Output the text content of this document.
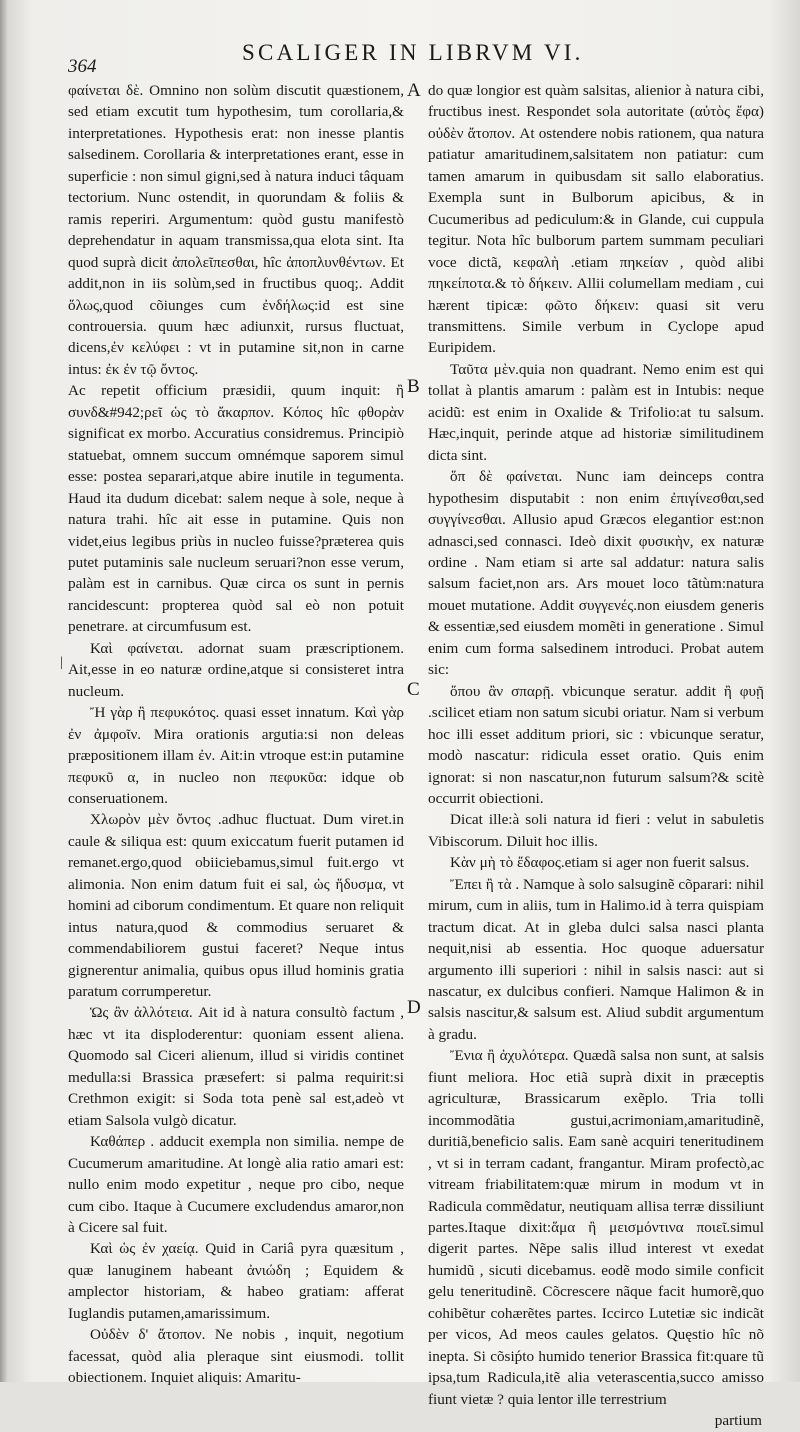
364
SCALIGER IN LIBRVM VI.
|

φαίνεται δὲ. Omnino non solùm discutit quæstionem, sed etiam excutit tum hypothesim, tum corollaria,& interpretationes. Hypothesis erat: non inesse plantis salsedinem. Corollaria & interpretationes erant, esse in superficie : non simul gigni,sed à natura induci tâquam tectorium. Nunc ostendit, in quorundam & foliis & ramis reperiri. Argumentum: quòd gustu manifestò deprehendatur in aquam transmissa,qua elota sint. Ita quod suprà dicit ἀπολεῖπεσθαι, hîc ἀποπλυνθέντων. Et addit,non in iis solùm,sed in fructibus quoq;. Addit ὅλως,quod cõiunges cum ἐνδήλως:id est sine controuersia. quum hæc adiunxit, rursus fluctuat, dicens,ἐν κελύφει : vt in putamine sit,non in carne intus: ἐκ ἐν τῷ ὄντος.

Ac repetit officium præsidii, quum inquit: ἢ συνδ&#942;ρεῖ ὡς τὸ ἄκαρπον. Κόπος hîc φθορὰν significat ex morbo. Accuratius considremus. Principiò statuebat, omnem succum omnémque saporem simul esse: postea separari,atque abire inutile in tegumenta. Haud ita dudum dicebat: salem neque à sole, neque à natura trahi. hîc ait esse in putamine. Quis non videt,eius legibus priùs in nucleo fuisse?præterea quis putet putaminis sale nucleum seruari?non esse verum, palàm est in carnibus. Quæ circa os sunt in pernis rancidescunt: propterea quòd sal eò non potuit penetrare. at circumfusum est.

Καὶ φαίνεται. adornat suam præscriptionem. Ait,esse in eo naturæ ordine,atque si consisteret intra nucleum.

Ἤ γὰρ ἢ πεφυκότος. quasi esset innatum. Καὶ γὰρ ἐν ἀμφοῖν. Mira orationis argutia:si non deleas præpositionem illam ἐν. Ait:in vtroque est:in putamine πεφυκῦ α, in nucleo non πεφυκῦα: idque ob conseruationem.

Χλωρὸν μὲν ὄντος .adhuc fluctuat. Dum viret.in caule & siliqua est: quum exiccatum fuerit putamen id remanet.ergo,quod obiiciebamus,simul fuit.ergo vt alimonia. Non enim datum fuit ei sal, ὡς ἥδυσμα, vt homini ad ciborum condimentum. Et quare non reliquit intus natura,quod & commodius seruaret & commendabiliorem gustui faceret? Neque intus gignerentur animalia, quibus opus illud hominis gratia paratum corrumperetur.

Ὡς ἂν ἀλλότεια. Ait id à natura consultò factum , hæc vt ita disploderentur: quoniam essent aliena. Quomodo sal Ciceri alienum, illud si viridis continet medulla:si Brassica præsefert: si palma requirit:si Crethmon exigit: si Soda tota penè sal est,adeò vt etiam Salsola vulgò dicatur.

Καθάπερ . adducit exempla non similia. nempe de Cucumerum amaritudine. At longè alia ratio amari est: nullo enim modo expetitur , neque pro cibo, neque cum cibo. Itaque à Cucumere excludendus amaror,non à Cicere sal fuit.

Καὶ ὡς ἐν χαείᾳ. Quid in Cariâ pyra quæsitum , quæ lanuginem habeant ἀνιώδη ; Equidem & amplector historiam, & habeo gratiam: afferat Iuglandis putamen,amarissimum.

Οὐδὲν δ' ἄτοπον. Ne nobis , inquit, negotium facessat, quòd alia pleraque sint eiusmodi. tollit obiectionem. Inquiet aliquis: Amaritu-

A
B
C
D

do quæ longior est quàm salsitas, alienior à natura cibi, fructibus inest. Respondet sola autoritate (αὐτὸς ἔφα) οὐδὲν ἄτοπον. At ostendere nobis rationem, qua natura patiatur amaritudinem,salsitatem non patiatur: cum tamen amarum in quibusdam sit sallo elaboratius. Exempla sunt in Bulborum apicibus, & in Cucumeribus ad pediculum:& in Glande, cui cuppula tegitur. Nota hîc bulborum partem summam peculiari voce dictã, κεφαλὴ .etiam πηκείαν , quòd alibi πηκείποτα.& τὸ δήκειν. Allii columellam mediam , cui hærent tipicæ: φῶτο δήκειν: quasi sit veru transmittens. Simile verbum in Cyclope apud Euripidem.

Ταῦτα μὲν.quia non quadrant. Nemo enim est qui tollat à plantis amarum : palàm est in Intubis: neque acidũ: est enim in Oxalide & Trifolio:at tu salsum. Hæc,inquit, perinde atque ad historiæ similitudinem dicta sint.

ὅπ δὲ φαίνεται. Nunc iam deinceps contra hypothesim disputabit : non enim ἐπιγίνεσθαι,sed συγγίνεσθαι. Allusio apud Græcos elegantior est:non adnasci,sed connasci. Ideò dixit φυσικὴν, ex naturæ ordine . Nam etiam si arte sal addatur: natura salis salsum faciet,non ars. Ars mouet loco tãtùm:natura mouet mutatione. Addit συγγενές.non eiusdem generis & essentiæ,sed eiusdem momẽti in generatione . Simul enim cum forma salsedinem introduci. Probat autem sic:

ὅπου ἂν σπαρῇ. vbicunque seratur. addit ἢ φυῇ .scilicet etiam non satum sicubi oriatur. Nam si verbum hoc illi esset additum priori, sic : vbicunque seratur, modò nascatur: ridicula esset oratio. Quis enim ignorat: si non nascatur,non futurum salsum?& scitè occurrit obiectioni.

Dicat ille:à soli natura id fieri : velut in sabuletis Vibiscorum. Diluit hoc illis.

Κὰν μὴ τὸ ἔδαφος.etiam si ager non fuerit salsus.

Ἔπει ἢ τὰ . Namque à solo salsuginẽ cõparari: nihil mirum, cum in aliis, tum in Halimo.id à terra quispiam tractum dicat. At in gleba dulci salsa nasci planta nequit,nisi ab essentia. Hoc quoque aduersatur argumento illi superiori : nihil in salsis nasci: aut si nascatur, ex dulcibus confieri. Namque Halimon & in salsis nascitur,& salsum est. Aliud subdit argumentum à gradu.

Ἔνια ἢ ἀχυλότερα. Quædã salsa non sunt, at salsis fiunt meliora. Hoc etiã suprà dixit in præceptis agriculturæ, Brassicarum exẽplo. Tria tolli incommodãtia gustui,acrimoniam,amaritudinẽ, duritiã,beneficio salis. Eam sanè acquiri teneritudinem , vt si in terram cadant, frangantur. Miram profectò,ac vitream friabilitatem:quæ mirum in modum vt in Radicula commẽdatur, neutiquam allisa terræ dissiliunt partes.Itaque dixit:ἅμα ἢ μεισμόντινα ποιεῖ.simul digerit partes. Nẽpe salis illud interest vt exedat humidũ , sicuti dicebamus. eodẽ modo simile conficit gelu teneritudinẽ. Cõcrescere nãque facit humorẽ,quo cohibẽtur cohærẽtes partes. Iccirco Lutetiæ sic indicãt per vicos, Ad meos caules gelatos. Quęstio hîc nõ inepta. Si cõsiṕto humido tenerior Brassica fit:quare tũ ipsa,tum Radicula,itẽ alia veterascentia,succo amisso fiunt vietæ ? quia lentor ille terrestrium

partium
